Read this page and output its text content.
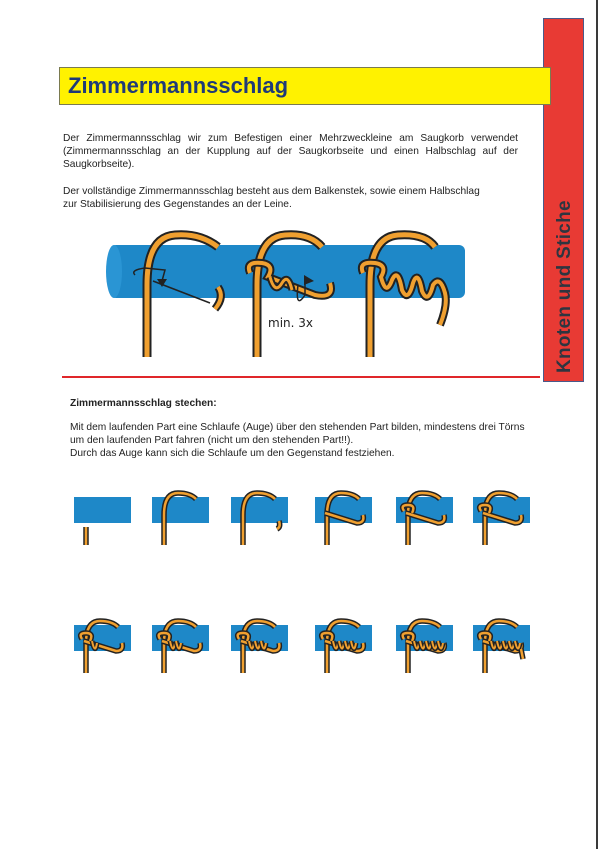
Knoten und Stiche
Zimmermannsschlag
Der Zimmermannsschlag wir zum Befestigen einer Mehrzweckleine am Saugkorb verwendet (Zimmermannsschlag an der Kupplung auf der Saugkorbseite und einen Halbschlag auf der Saugkorbseite).
Der vollständige Zimmermannsschlag besteht aus dem Balkenstek, sowie einem Halbschlag zur Stabilisierung des Gegenstandes an der Leine.
min. 3x
Zimmermannsschlag stechen:
Mit dem laufenden Part eine Schlaufe (Auge) über den stehenden Part bilden, mindestens drei Törns um den laufenden Part fahren (nicht um den stehenden Part!!).
Durch das Auge kann sich die Schlaufe um den Gegenstand festziehen.
